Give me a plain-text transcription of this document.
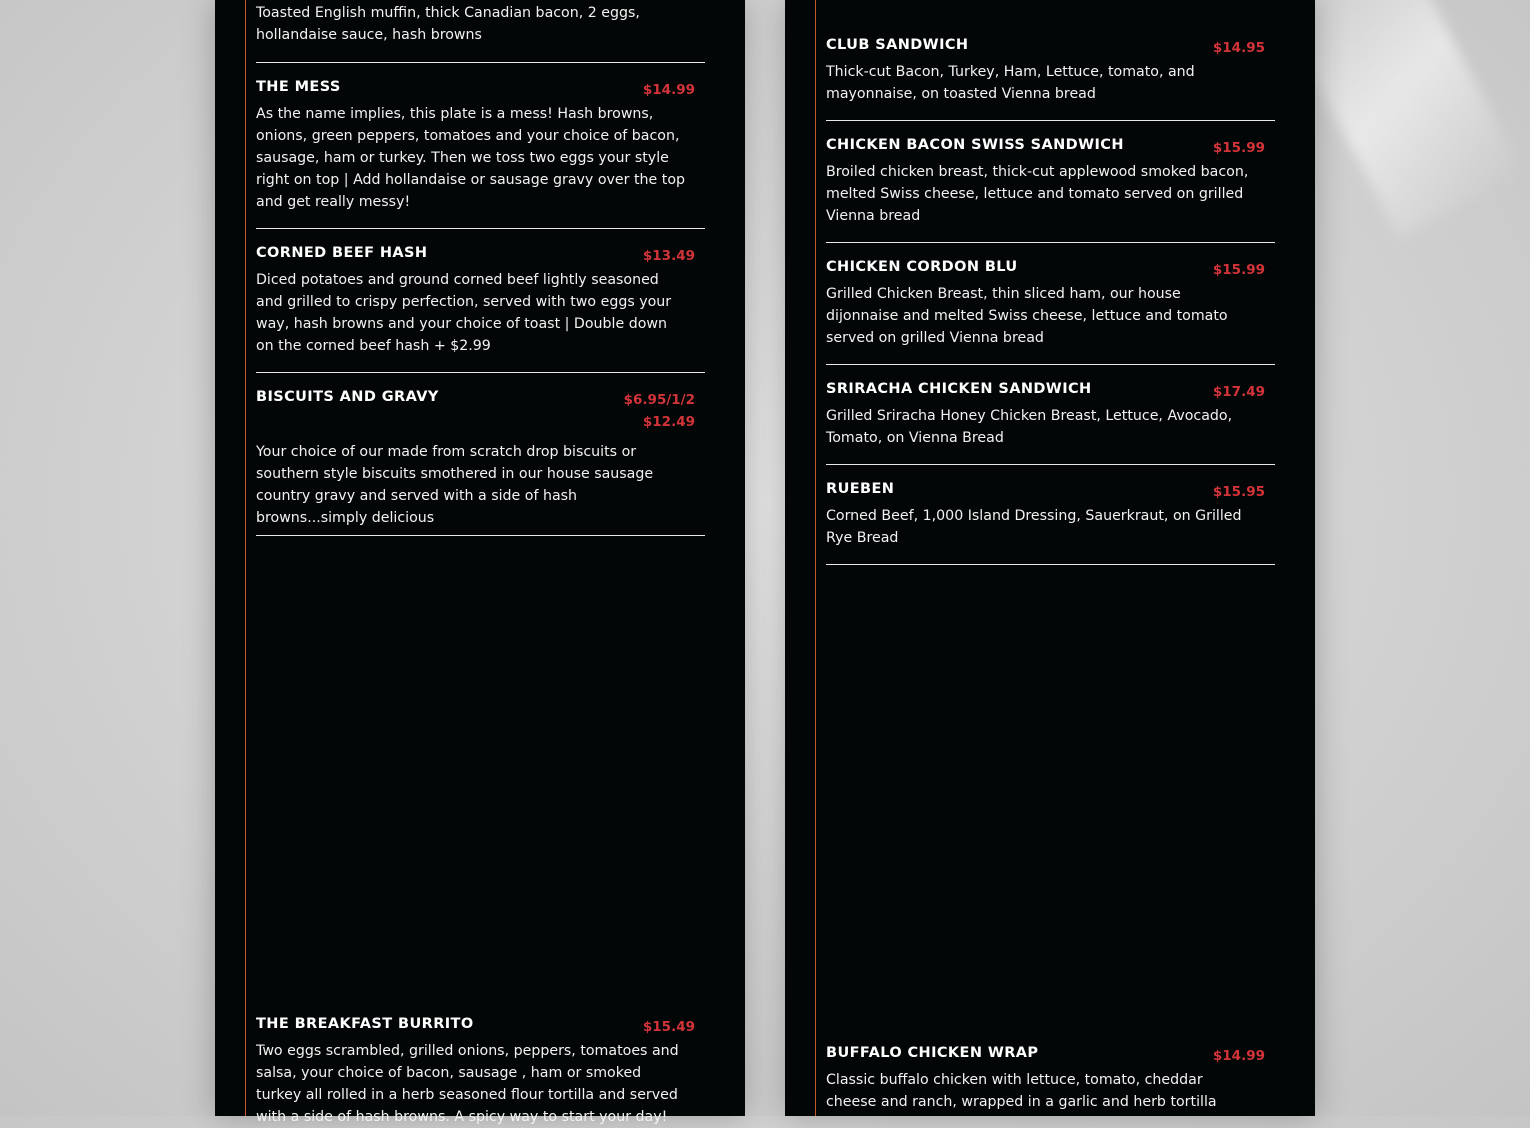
Toasted English muffin, thick Canadian bacon, 2 eggs, hollandaise sauce, hash browns
THE MESS	$14.99
As the name implies, this plate is a mess! Hash browns, onions, green peppers, tomatoes and your choice of bacon, sausage, ham or turkey. Then we toss two eggs your style right on top | Add hollandaise or sausage gravy over the top and get really messy!
CORNED BEEF HASH	$13.49
Diced potatoes and ground corned beef lightly seasoned and grilled to crispy perfection, served with two eggs your way, hash browns and your choice of toast | Double down on the corned beef hash + $2.99
BISCUITS AND GRAVY	$6.95/1/2 $12.49
Your choice of our made from scratch drop biscuits or southern style biscuits smothered in our house sausage country gravy and served with a side of hash browns...simply delicious
THE BREAKFAST BURRITO	$15.49
Two eggs scrambled, grilled onions, peppers, tomatoes and salsa, your choice of bacon, sausage , ham or smoked turkey all rolled in a herb seasoned flour tortilla and served with a side of hash browns. A spicy way to start your day!
CLUB SANDWICH	$14.95
Thick-cut Bacon, Turkey, Ham, Lettuce, tomato, and mayonnaise, on toasted Vienna bread
CHICKEN BACON SWISS SANDWICH	$15.99
Broiled chicken breast, thick-cut applewood smoked bacon, melted Swiss cheese, lettuce and tomato served on grilled Vienna bread
CHICKEN CORDON BLU	$15.99
Grilled Chicken Breast, thin sliced ham, our house dijonnaise and melted Swiss cheese, lettuce and tomato served on grilled Vienna bread
SRIRACHA CHICKEN SANDWICH	$17.49
Grilled Sriracha Honey Chicken Breast, Lettuce, Avocado, Tomato, on Vienna Bread
RUEBEN	$15.95
Corned Beef, 1,000 Island Dressing, Sauerkraut, on Grilled Rye Bread
BUFFALO CHICKEN WRAP	$14.99
Classic buffalo chicken with lettuce, tomato, cheddar cheese and ranch, wrapped in a garlic and herb tortilla
